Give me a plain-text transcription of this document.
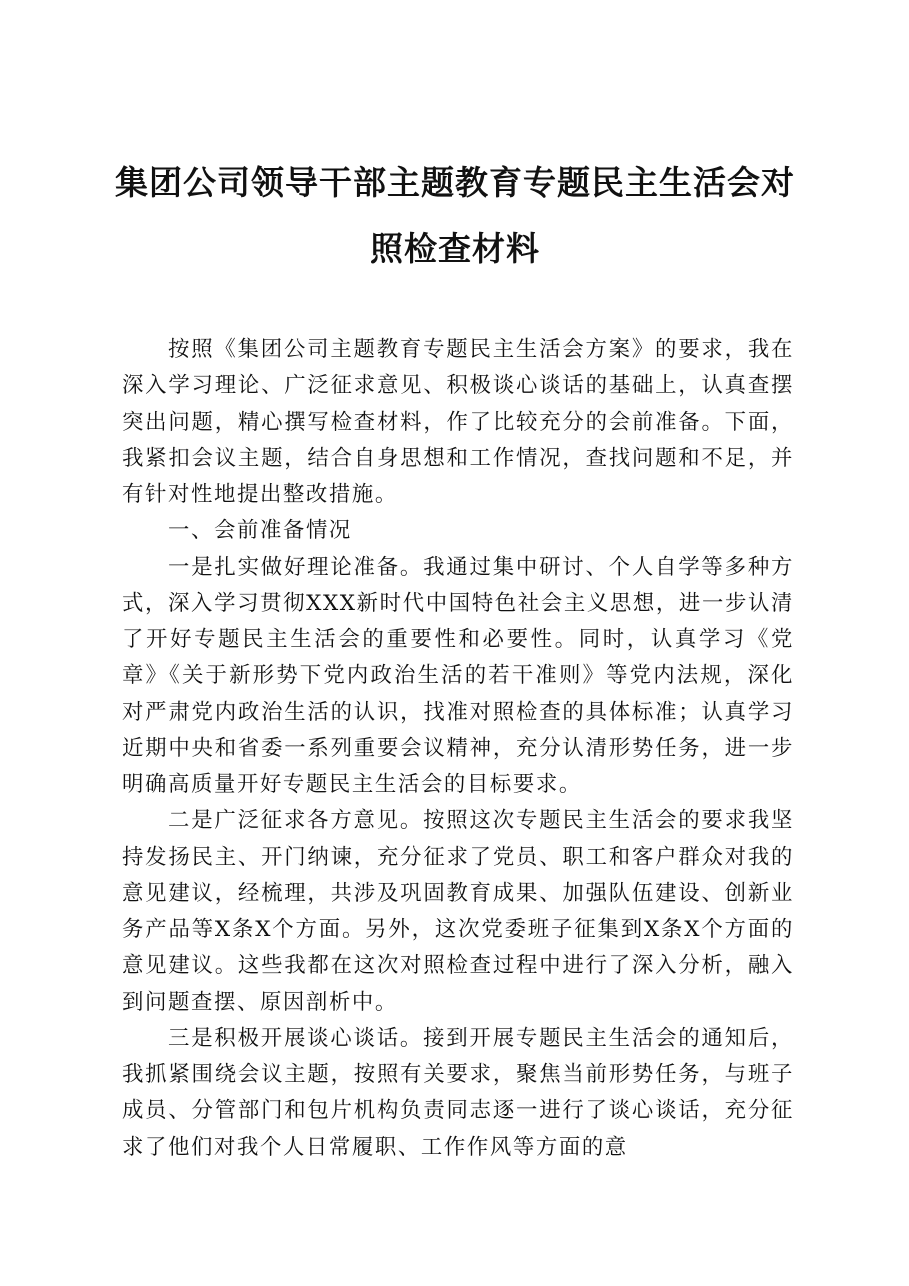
集团公司领导干部主题教育专题民主生活会对
照检查材料

按照《集团公司主题教育专题民主生活会方案》的要求，我在深入学习理论、广泛征求意见、积极谈心谈话的基础上，认真查摆突出问题，精心撰写检查材料，作了比较充分的会前准备。下面，我紧扣会议主题，结合自身思想和工作情况，查找问题和不足，并有针对性地提出整改措施。

一、会前准备情况

一是扎实做好理论准备。我通过集中研讨、个人自学等多种方式，深入学习贯彻XXX新时代中国特色社会主义思想，进一步认清了开好专题民主生活会的重要性和必要性。同时，认真学习《党章》《关于新形势下党内政治生活的若干准则》等党内法规，深化对严肃党内政治生活的认识，找准对照检查的具体标准；认真学习近期中央和省委一系列重要会议精神，充分认清形势任务，进一步明确高质量开好专题民主生活会的目标要求。

二是广泛征求各方意见。按照这次专题民主生活会的要求我坚持发扬民主、开门纳谏，充分征求了党员、职工和客户群众对我的意见建议，经梳理，共涉及巩固教育成果、加强队伍建设、创新业务产品等X条X个方面。另外，这次党委班子征集到X条X个方面的意见建议。这些我都在这次对照检查过程中进行了深入分析，融入到问题查摆、原因剖析中。

三是积极开展谈心谈话。接到开展专题民主生活会的通知后，我抓紧围绕会议主题，按照有关要求，聚焦当前形势任务，与班子成员、分管部门和包片机构负责同志逐一进行了谈心谈话，充分征求了他们对我个人日常履职、工作作风等方面的意
